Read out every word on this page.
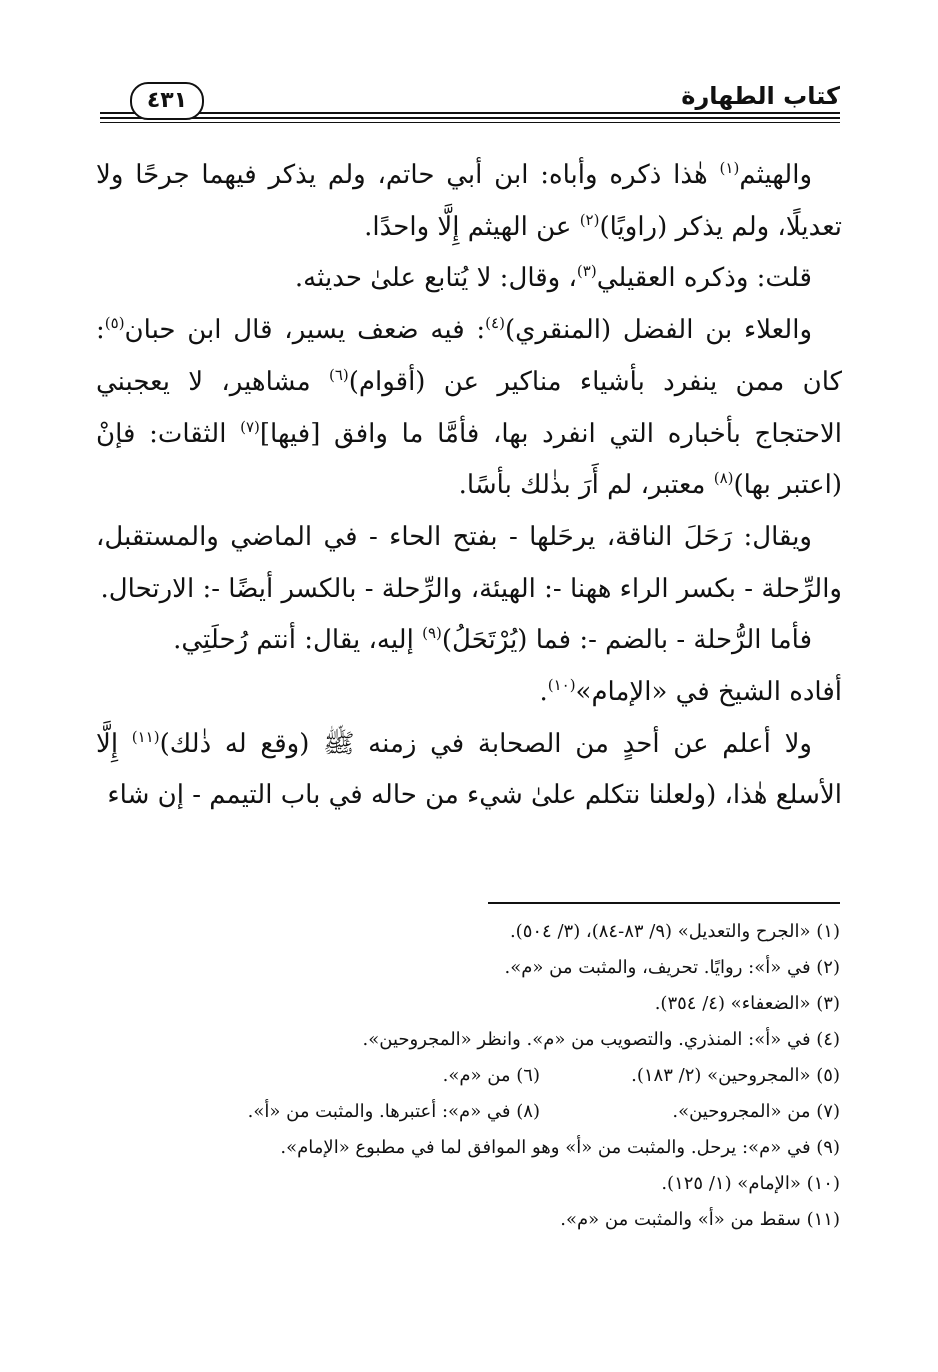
كتاب الطهارة
٤٣١

والهيثم$^{(١)}$ هٰذا ذكره وأباه: ابن أبي حاتم، ولم يذكر فيهما جرحًا ولا تعديلًا، ولم يذكر (راويًا)$^{(٢)}$ عن الهيثم إِلَّا واحدًا.

قلت: وذكره العقيلي$^{(٣)}$، وقال: لا يُتابع علىٰ حديثه.

والعلاء بن الفضل (المنقري)$^{(٤)}$: فيه ضعف يسير، قال ابن حبان$^{(٥)}$: كان ممن ينفرد بأشياء مناكير عن (أقوام)$^{(٦)}$ مشاهير، لا يعجبني الاحتجاج بأخباره التي انفرد بها، فأمَّا ما وافق [فيها]$^{(٧)}$ الثقات: فإنْ (اعتبر بها)$^{(٨)}$ معتبر، لم أَرَ بذٰلك بأسًا.

ويقال: رَحَلَ الناقة، يرحَلها - بفتح الحاء - في الماضي والمستقبل، والرِّحلة - بكسر الراء ههنا -: الهيئة، والرِّحلة - بالكسر أيضًا -: الارتحال.

فأما الرُّحلة - بالضم -: فما (يُرْتَحَلُ)$^{(٩)}$ إليه، يقال: أنتم رُحلَتِي.

أفاده الشيخ في «الإمام»$^{(١٠)}$.

ولا أعلم عن أحدٍ من الصحابة في زمنه ﷺ (وقع له ذٰلك)$^{(١١)}$ إِلَّا الأسلع هٰذا، (ولعلنا نتكلم علىٰ شيء من حاله في باب التيمم - إن شاء

(١) «الجرح والتعديل» (٩/ ٨٣-٨٤)، (٣/ ٥٠٤).
(٢) في «أ»: روايًا. تحريف، والمثبت من «م».
(٣) «الضعفاء» (٤/ ٣٥٤).
(٤) في «أ»: المنذري. والتصويب من «م». وانظر «المجروحين».
(٥) «المجروحين» (٢/ ١٨٣).
(٦) من «م».
(٧) من «المجروحين».
(٨) في «م»: أعتبرها. والمثبت من «أ».
(٩) في «م»: يرحل. والمثبت من «أ» وهو الموافق لما في مطبوع «الإمام».
(١٠) «الإمام» (١/ ١٢٥).
(١١) سقط من «أ» والمثبت من «م».
